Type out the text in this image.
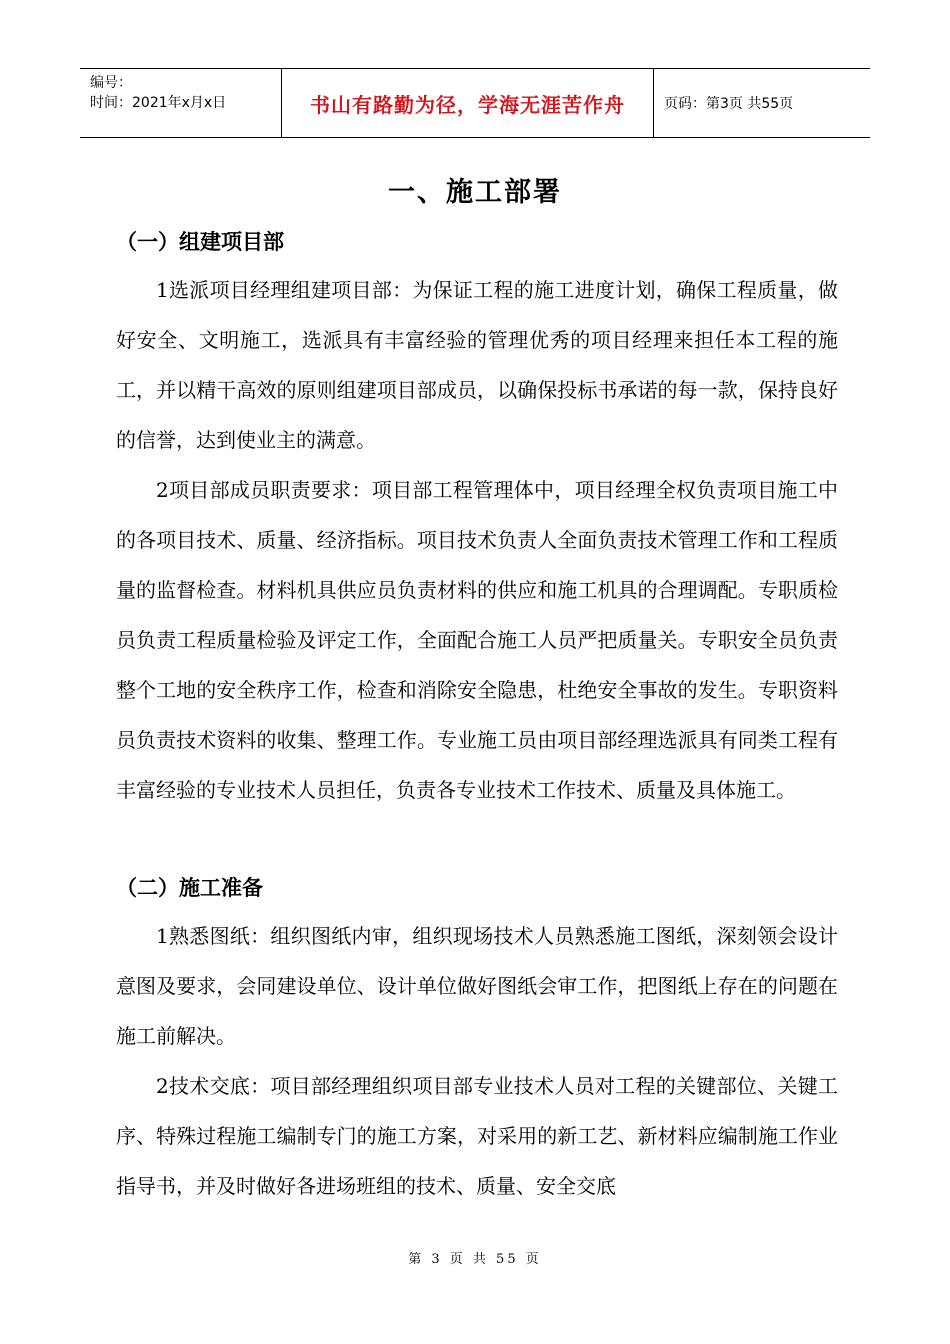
编号：
时间：2021年x月x日	书山有路勤为径，学海无涯苦作舟	页码：第3页 共55页
一、施工部署
（一）组建项目部

1选派项目经理组建项目部：为保证工程的施工进度计划，确保工程质量，做好安全、文明施工，选派具有丰富经验的管理优秀的项目经理来担任本工程的施工，并以精干高效的原则组建项目部成员，以确保投标书承诺的每一款，保持良好的信誉，达到使业主的满意。

2项目部成员职责要求：项目部工程管理体中，项目经理全权负责项目施工中的各项目技术、质量、经济指标。项目技术负责人全面负责技术管理工作和工程质量的监督检查。材料机具供应员负责材料的供应和施工机具的合理调配。专职质检员负责工程质量检验及评定工作，全面配合施工人员严把质量关。专职安全员负责整个工地的安全秩序工作，检查和消除安全隐患，杜绝安全事故的发生。专职资料员负责技术资料的收集、整理工作。专业施工员由项目部经理选派具有同类工程有丰富经验的专业技术人员担任，负责各专业技术工作技术、质量及具体施工。

（二）施工准备

1熟悉图纸：组织图纸内审，组织现场技术人员熟悉施工图纸，深刻领会设计意图及要求，会同建设单位、设计单位做好图纸会审工作，把图纸上存在的问题在施工前解决。

2技术交底：项目部经理组织项目部专业技术人员对工程的关键部位、关键工序、特殊过程施工编制专门的施工方案，对采用的新工艺、新材料应编制施工作业指导书，并及时做好各进场班组的技术、质量、安全交底

第 3 页 共 55 页
